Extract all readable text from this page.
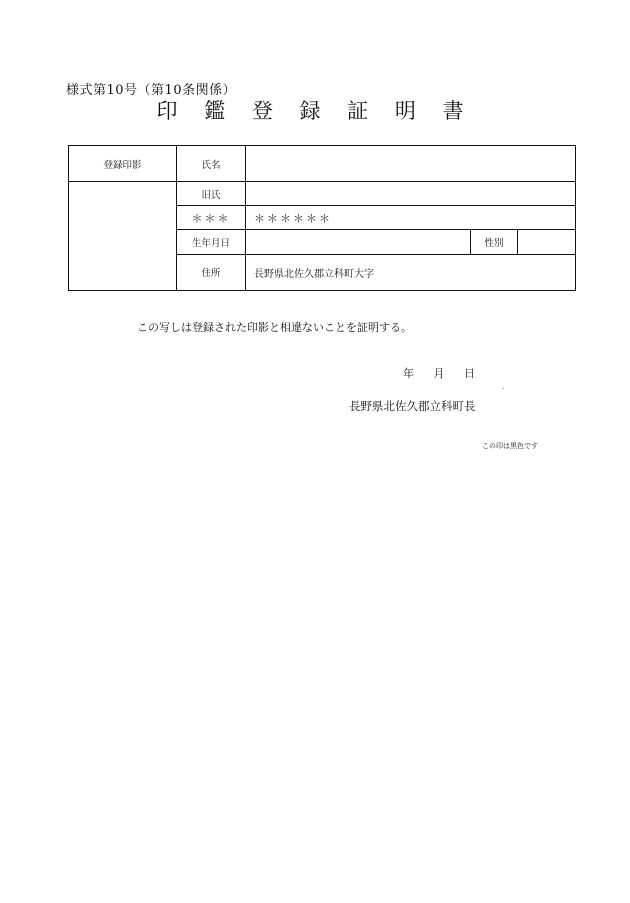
様式第10号（第10条関係）
印 鑑 登 録 証 明 書
登録印影	氏名			
	旧氏			
	＊＊＊	＊＊＊＊＊＊		
	生年月日		性別	
	住所	長野県北佐久郡立科町大字		
この写しは登録された印影と相違ないことを証明する。
年 月 日
長野県北佐久郡立科町長
この印は黒色です
